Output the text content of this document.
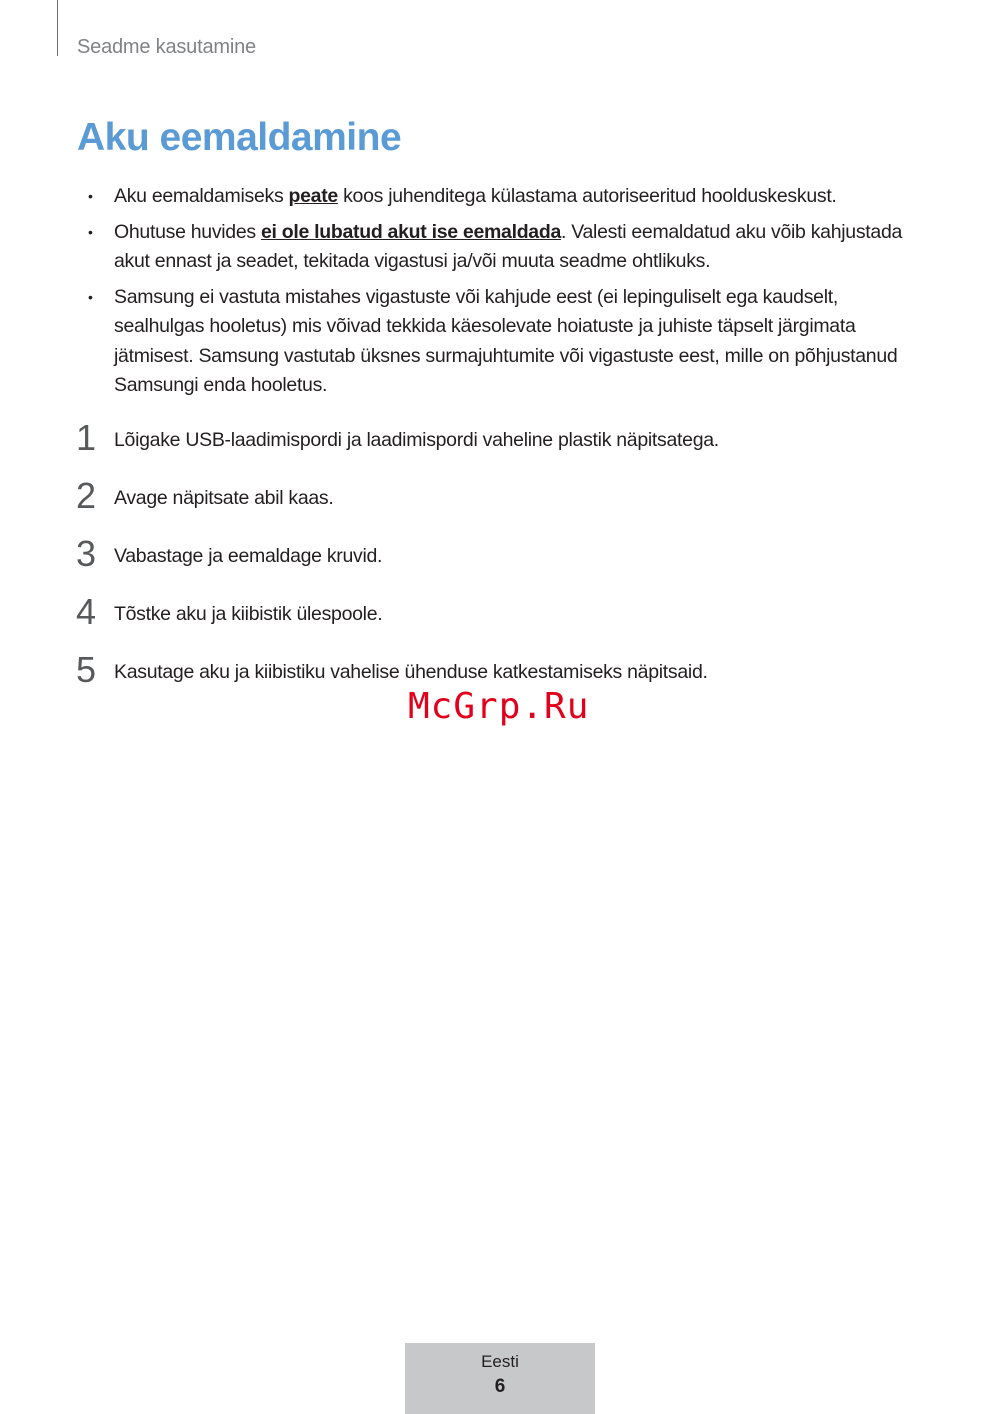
Seadme kasutamine
Aku eemaldamine
• Aku eemaldamiseks peate koos juhenditega külastama autoriseeritud hoolduskeskust.
• Ohutuse huvides ei ole lubatud akut ise eemaldada. Valesti eemaldatud aku võib kahjustada akut ennast ja seadet, tekitada vigastusi ja/või muuta seadme ohtlikuks.
• Samsung ei vastuta mistahes vigastuste või kahjude eest (ei lepinguliselt ega kaudselt, sealhulgas hooletus) mis võivad tekkida käesolevate hoiatuste ja juhiste täpselt järgimata jätmisest. Samsung vastutab üksnes surmajuhtumite või vigastuste eest, mille on põhjustanud Samsungi enda hooletus.
1 Lõigake USB-laadimispordi ja laadimispordi vaheline plastik näpitsatega.
2 Avage näpitsate abil kaas.
3 Vabastage ja eemaldage kruvid.
4 Tõstke aku ja kiibistik ülespoole.
5 Kasutage aku ja kiibistiku vahelise ühenduse katkestamiseks näpitsaid.
McGrp.Ru
Eesti
6
